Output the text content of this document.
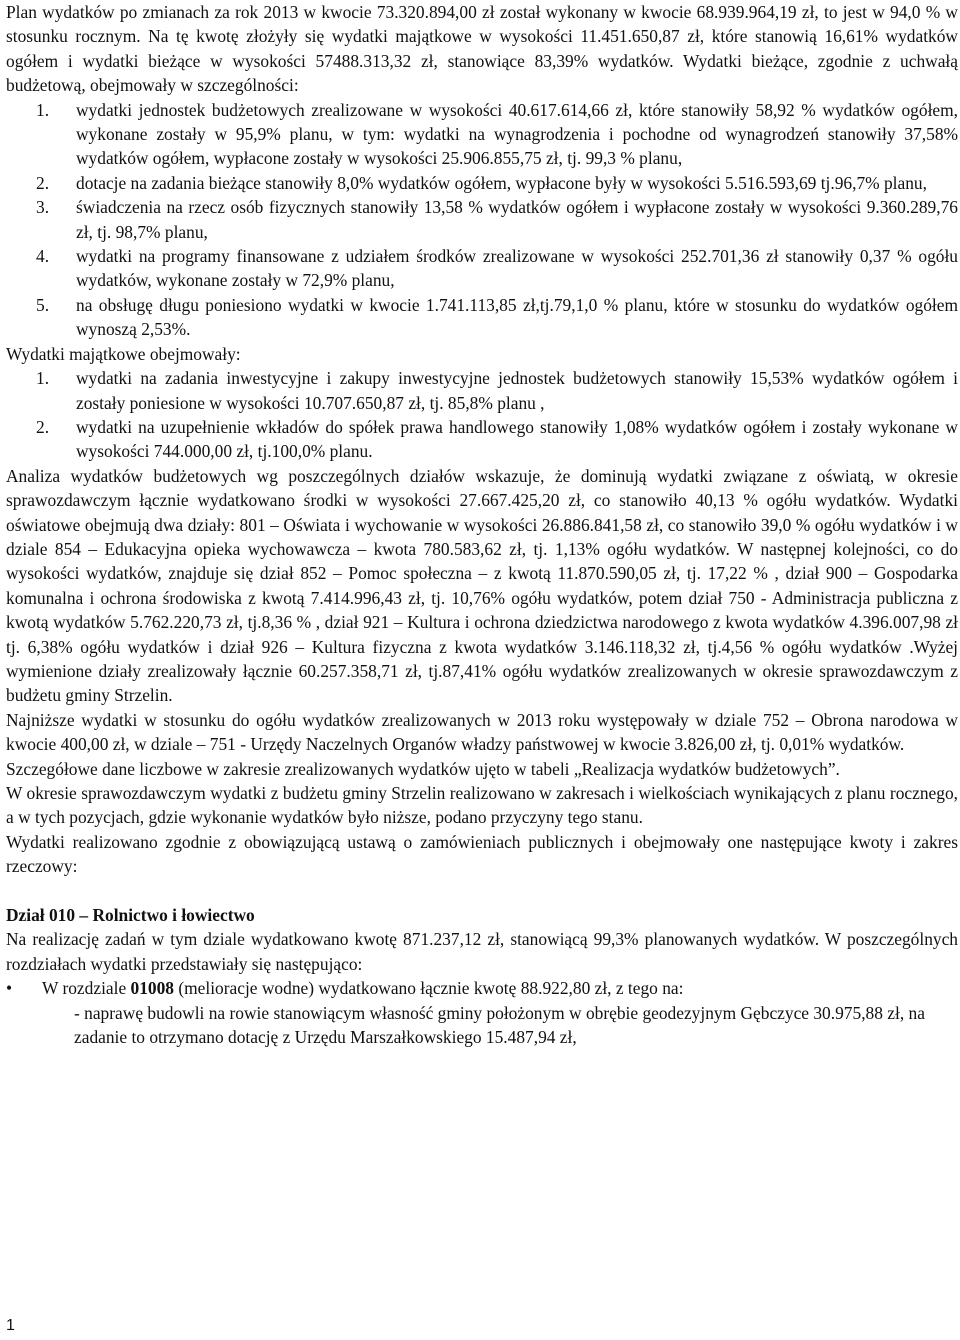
Plan wydatków po zmianach za rok 2013 w kwocie 73.320.894,00 zł został wykonany w kwocie 68.939.964,19 zł, to jest w 94,0 % w stosunku rocznym. Na tę kwotę złożyły się wydatki majątkowe w wysokości 11.451.650,87 zł, które stanowią 16,61% wydatków ogółem i wydatki bieżące w wysokości 57488.313,32 zł, stanowiące 83,39% wydatków. Wydatki bieżące, zgodnie z uchwałą budżetową, obejmowały w szczególności:

1. wydatki jednostek budżetowych zrealizowane w wysokości 40.617.614,66 zł, które stanowiły 58,92 % wydatków ogółem, wykonane zostały w 95,9% planu, w tym: wydatki na wynagrodzenia i pochodne od wynagrodzeń stanowiły 37,58% wydatków ogółem, wypłacone zostały w wysokości 25.906.855,75 zł, tj. 99,3 % planu,
2. dotacje na zadania bieżące stanowiły 8,0% wydatków ogółem, wypłacone były w wysokości 5.516.593,69 tj.96,7% planu,
3. świadczenia na rzecz osób fizycznych stanowiły 13,58 % wydatków ogółem i wypłacone zostały w wysokości 9.360.289,76 zł, tj. 98,7% planu,
4. wydatki na programy finansowane z udziałem środków zrealizowane w wysokości 252.701,36 zł stanowiły 0,37 % ogółu wydatków, wykonane zostały w 72,9% planu,
5. na obsługę długu poniesiono wydatki w kwocie 1.741.113,85 zł,tj.79,1,0 % planu, które w stosunku do wydatków ogółem wynoszą 2,53%.

Wydatki majątkowe obejmowały:

1. wydatki na zadania inwestycyjne i zakupy inwestycyjne jednostek budżetowych stanowiły 15,53% wydatków ogółem i zostały poniesione w wysokości 10.707.650,87 zł, tj. 85,8% planu ,
2. wydatki na uzupełnienie wkładów do spółek prawa handlowego stanowiły 1,08% wydatków ogółem i zostały wykonane w wysokości 744.000,00 zł, tj.100,0% planu.

Analiza wydatków budżetowych wg poszczególnych działów wskazuje, że dominują wydatki związane z oświatą, w okresie sprawozdawczym łącznie wydatkowano środki w wysokości 27.667.425,20 zł, co stanowiło 40,13 % ogółu wydatków. Wydatki oświatowe obejmują dwa działy: 801 – Oświata i wychowanie w wysokości 26.886.841,58 zł, co stanowiło 39,0 % ogółu wydatków i w dziale 854 – Edukacyjna opieka wychowawcza – kwota 780.583,62 zł, tj. 1,13% ogółu wydatków. W następnej kolejności, co do wysokości wydatków, znajduje się dział 852 – Pomoc społeczna – z kwotą 11.870.590,05 zł, tj. 17,22 % , dział 900 – Gospodarka komunalna i ochrona środowiska z kwotą 7.414.996,43 zł, tj. 10,76% ogółu wydatków, potem dział 750 - Administracja publiczna z kwotą wydatków 5.762.220,73 zł, tj.8,36 % , dział 921 – Kultura i ochrona dziedzictwa narodowego z kwota wydatków 4.396.007,98 zł tj. 6,38% ogółu wydatków i dział 926 – Kultura fizyczna z kwota wydatków 3.146.118,32 zł, tj.4,56 % ogółu wydatków .Wyżej wymienione działy zrealizowały łącznie 60.257.358,71 zł, tj.87,41% ogółu wydatków zrealizowanych w okresie sprawozdawczym z budżetu gminy Strzelin.

Najniższe wydatki w stosunku do ogółu wydatków zrealizowanych w 2013 roku występowały w dziale 752 – Obrona narodowa w kwocie 400,00 zł, w dziale – 751 - Urzędy Naczelnych Organów władzy państwowej w kwocie 3.826,00 zł, tj. 0,01% wydatków.

Szczegółowe dane liczbowe w zakresie zrealizowanych wydatków ujęto w tabeli „Realizacja wydatków budżetowych”.

W okresie sprawozdawczym wydatki z budżetu gminy Strzelin realizowano w zakresach i wielkościach wynikających z planu rocznego, a w tych pozycjach, gdzie wykonanie wydatków było niższe, podano przyczyny tego stanu.

Wydatki realizowano zgodnie z obowiązującą ustawą o zamówieniach publicznych i obejmowały one następujące kwoty i zakres rzeczowy:

Dział 010 – Rolnictwo i łowiectwo

Na realizację zadań w tym dziale wydatkowano kwotę 871.237,12 zł, stanowiącą 99,3% planowanych wydatków. W poszczególnych rozdziałach wydatki przedstawiały się następująco:

• W rozdziale 01008 (melioracje wodne) wydatkowano łącznie kwotę 88.922,80 zł, z tego na:
- naprawę budowli na rowie stanowiącym własność gminy położonym w obrębie geodezyjnym Gębczyce 30.975,88 zł, na zadanie to otrzymano dotację z Urzędu Marszałkowskiego 15.487,94 zł,
1
